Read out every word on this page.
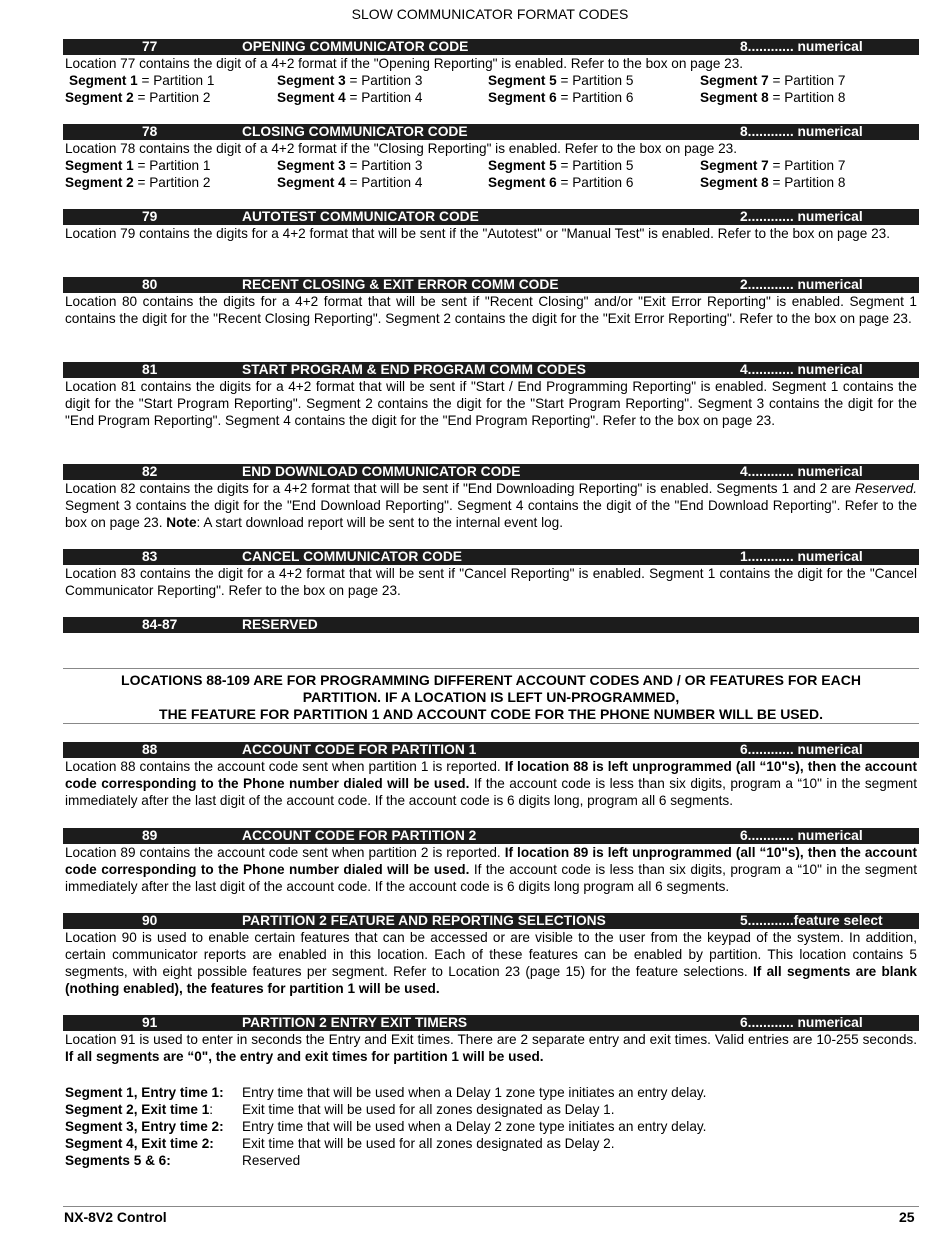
SLOW COMMUNICATOR FORMAT CODES
77	OPENING COMMUNICATOR CODE	8............ numerical
Location 77 contains the digit of a 4+2 format if the "Opening Reporting" is enabled. Refer to the box on page 23.
Segment 1 = Partition 1	Segment 3 = Partition 3	Segment 5 = Partition 5	Segment 7 = Partition 7
Segment 2 = Partition 2	Segment 4 = Partition 4	Segment 6 = Partition 6	Segment 8 = Partition 8
78	CLOSING COMMUNICATOR CODE	8............ numerical
Location 78 contains the digit of a 4+2 format if the "Closing Reporting" is enabled. Refer to the box on page 23.
Segment 1 = Partition 1	Segment 3 = Partition 3	Segment 5 = Partition 5	Segment 7 = Partition 7
Segment 2 = Partition 2	Segment 4 = Partition 4	Segment 6 = Partition 6	Segment 8 = Partition 8
79	AUTOTEST COMMUNICATOR CODE	2............ numerical
Location 79 contains the digits for a 4+2 format that will be sent if the "Autotest" or "Manual Test" is enabled. Refer to the box on page 23.
80	RECENT CLOSING & EXIT ERROR COMM CODE	2............ numerical
Location 80 contains the digits for a 4+2 format that will be sent if "Recent Closing" and/or "Exit Error Reporting" is enabled. Segment 1 contains the digit for the "Recent Closing Reporting". Segment 2 contains the digit for the "Exit Error Reporting". Refer to the box on page 23.
81	START PROGRAM & END PROGRAM COMM CODES	4............ numerical
Location 81 contains the digits for a 4+2 format that will be sent if "Start / End Programming Reporting" is enabled. Segment 1 contains the digit for the "Start Program Reporting". Segment 2 contains the digit for the "Start Program Reporting". Segment 3 contains the digit for the "End Program Reporting". Segment 4 contains the digit for the "End Program Reporting". Refer to the box on page 23.
82	END DOWNLOAD COMMUNICATOR CODE	4............ numerical
Location 82 contains the digits for a 4+2 format that will be sent if "End Downloading Reporting" is enabled. Segments 1 and 2 are Reserved. Segment 3 contains the digit for the "End Download Reporting". Segment 4 contains the digit of the "End Download Reporting". Refer to the box on page 23. Note: A start download report will be sent to the internal event log.
83	CANCEL COMMUNICATOR CODE	1............ numerical
Location 83 contains the digit for a 4+2 format that will be sent if "Cancel Reporting" is enabled. Segment 1 contains the digit for the "Cancel Communicator Reporting". Refer to the box on page 23.
84-87	RESERVED
LOCATIONS 88-109 ARE FOR PROGRAMMING DIFFERENT ACCOUNT CODES AND / OR FEATURES FOR EACH
PARTITION. IF A LOCATION IS LEFT UN-PROGRAMMED,
THE FEATURE FOR PARTITION 1 AND ACCOUNT CODE FOR THE PHONE NUMBER WILL BE USED.
88	ACCOUNT CODE FOR PARTITION 1	6............ numerical
Location 88 contains the account code sent when partition 1 is reported. If location 88 is left unprogrammed (all “10"s), then the account code corresponding to the Phone number dialed will be used. If the account code is less than six digits, program a “10" in the segment immediately after the last digit of the account code. If the account code is 6 digits long, program all 6 segments.
89	ACCOUNT CODE FOR PARTITION 2	6............ numerical
Location 89 contains the account code sent when partition 2 is reported. If location 89 is left unprogrammed (all “10"s), then the account code corresponding to the Phone number dialed will be used. If the account code is less than six digits, program a “10" in the segment immediately after the last digit of the account code. If the account code is 6 digits long program all 6 segments.
90	PARTITION 2 FEATURE AND REPORTING SELECTIONS	5............feature select
Location 90 is used to enable certain features that can be accessed or are visible to the user from the keypad of the system. In addition, certain communicator reports are enabled in this location. Each of these features can be enabled by partition. This location contains 5 segments, with eight possible features per segment. Refer to Location 23 (page 15) for the feature selections. If all segments are blank (nothing enabled), the features for partition 1 will be used.
91	PARTITION 2 ENTRY EXIT TIMERS	6............ numerical
Location 91 is used to enter in seconds the Entry and Exit times. There are 2 separate entry and exit times. Valid entries are 10-255 seconds. If all segments are “0", the entry and exit times for partition 1 will be used.
Segment 1, Entry time 1: Entry time that will be used when a Delay 1 zone type initiates an entry delay.
Segment 2, Exit time 1: Exit time that will be used for all zones designated as Delay 1.
Segment 3, Entry time 2: Entry time that will be used when a Delay 2 zone type initiates an entry delay.
Segment 4, Exit time 2: Exit time that will be used for all zones designated as Delay 2.
Segments 5 & 6:	Reserved
NX-8V2 Control	25
